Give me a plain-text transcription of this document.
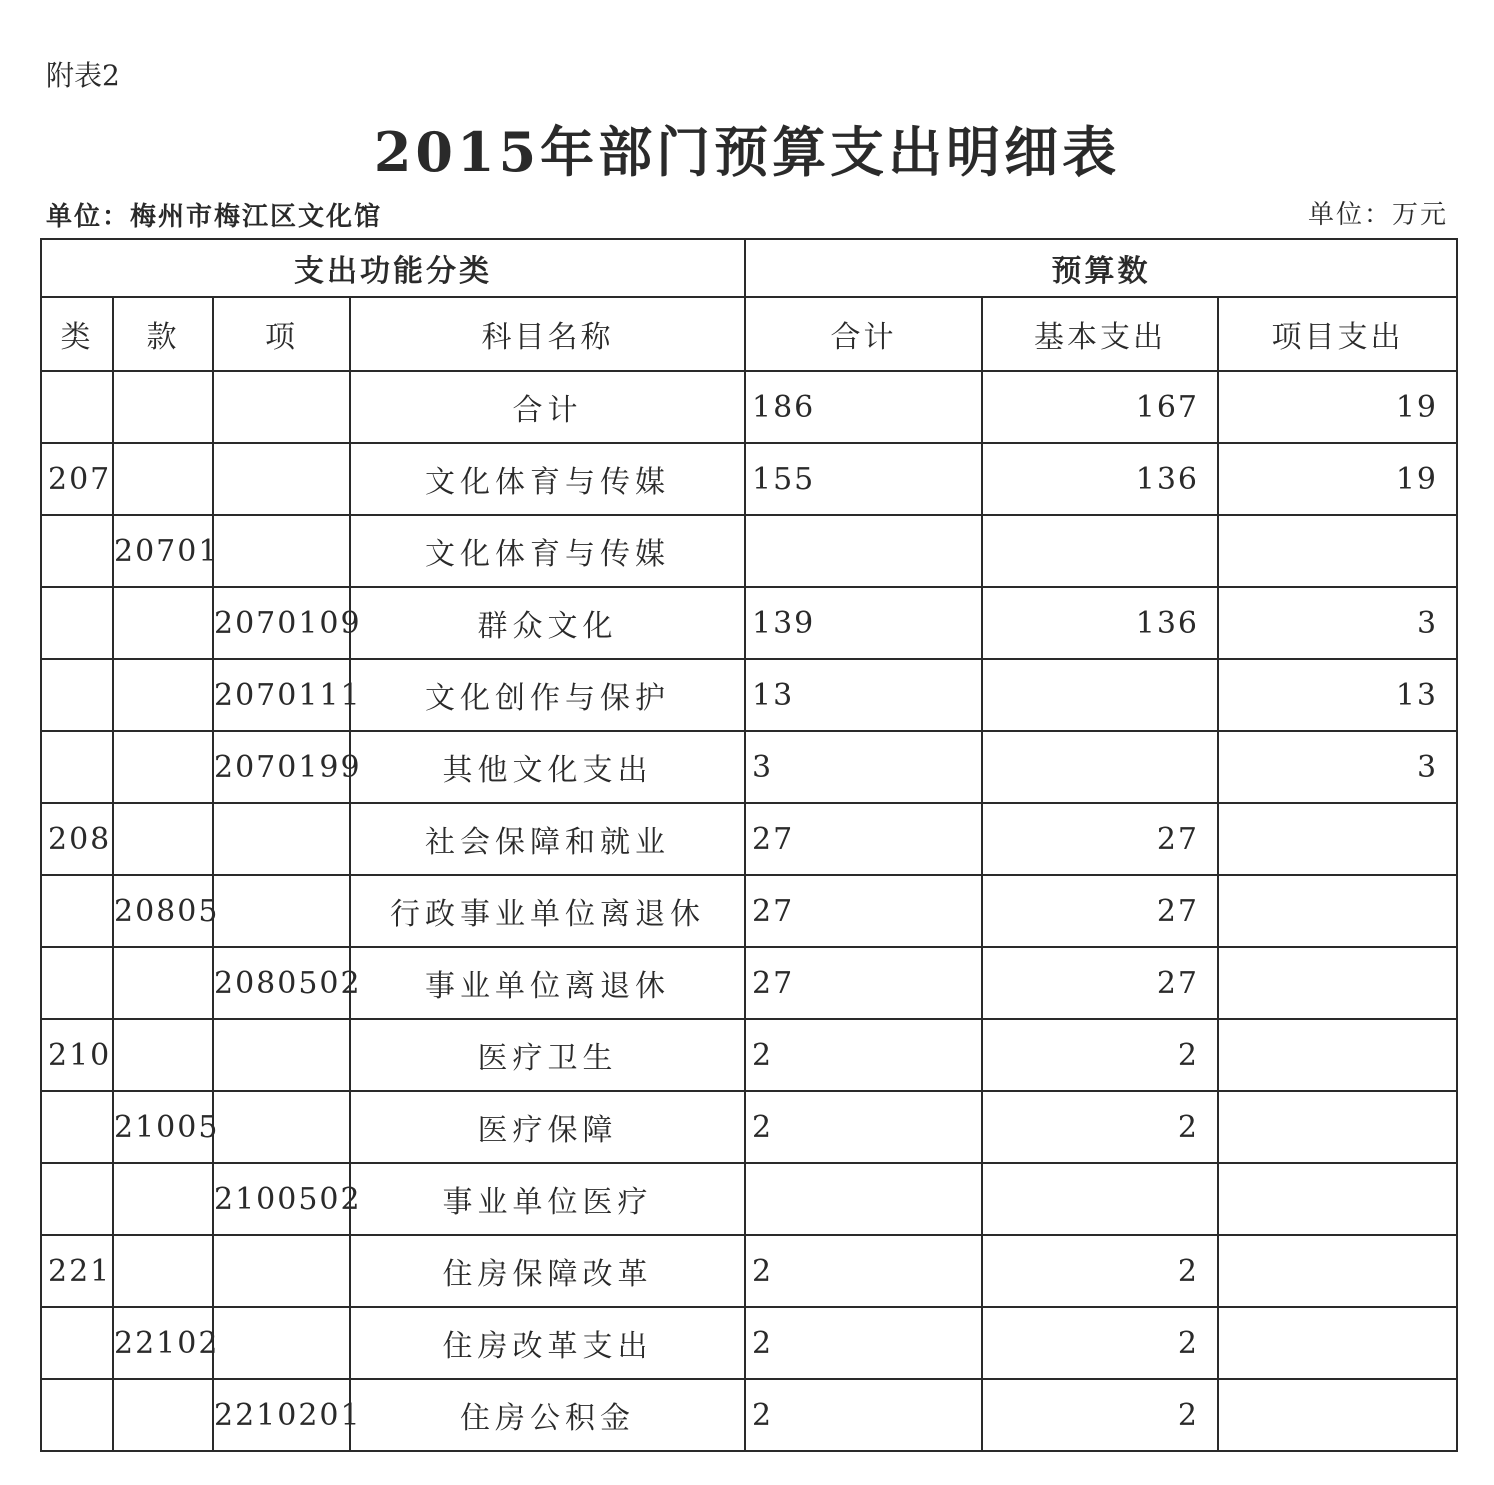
附表2
2015年部门预算支出明细表
单位：梅州市梅江区文化馆	单位：万元
支出功能分类				预算数		
类	款	项	科目名称	合计	基本支出	项目支出
			合计	186	167	19
207			文化体育与传媒	155	136	19
	20701		文化体育与传媒			
		2070109	群众文化	139	136	3
		2070111	文化创作与保护	13		13
		2070199	其他文化支出	3		3
208			社会保障和就业	27	27	
	20805		行政事业单位离退休	27	27	
		2080502	事业单位离退休	27	27	
210			医疗卫生	2	2	
	21005		医疗保障	2	2	
		2100502	事业单位医疗			
221			住房保障改革	2	2	
	22102		住房改革支出	2	2	
		2210201	住房公积金	2	2	
